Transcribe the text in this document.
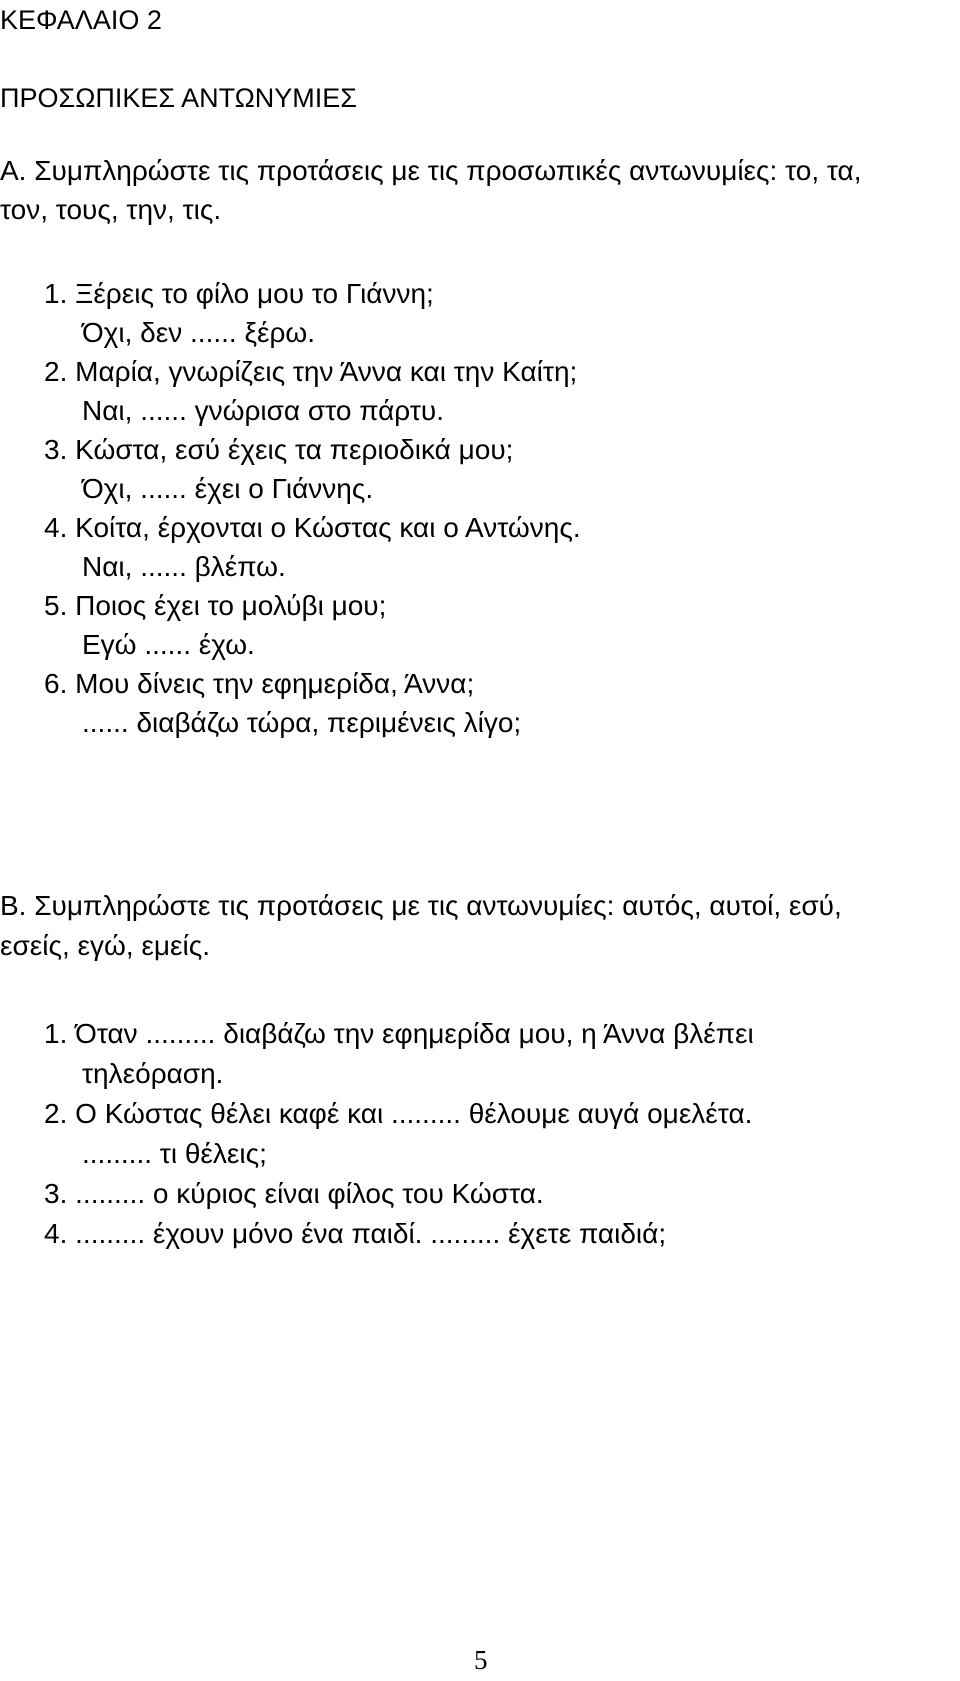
ΚΕΦΑΛΑΙΟ 2
ΠΡΟΣΩΠΙΚΕΣ ΑΝΤΩΝΥΜΙΕΣ
Α. Συμπληρώστε τις προτάσεις με τις προσωπικές αντωνυμίες: το, τα,
τον, τους, την, τις.
1. Ξέρεις το φίλο μου το Γιάννη;
Όχι, δεν ...... ξέρω.
2. Μαρία, γνωρίζεις την Άννα και την Καίτη;
Ναι, ...... γνώρισα στο πάρτυ.
3. Κώστα, εσύ έχεις τα περιοδικά μου;
Όχι, ...... έχει ο Γιάννης.
4. Κοίτα, έρχονται ο Κώστας και ο Αντώνης.
Ναι, ...... βλέπω.
5. Ποιος έχει το μολύβι μου;
Εγώ ...... έχω.
6. Μου δίνεις την εφημερίδα, Άννα;
...... διαβάζω τώρα, περιμένεις λίγο;
Β. Συμπληρώστε τις προτάσεις με τις αντωνυμίες: αυτός, αυτοί, εσύ,
εσείς, εγώ, εμείς.
1. Όταν ......... διαβάζω την εφημερίδα μου, η Άννα βλέπει
τηλεόραση.
2. Ο Κώστας θέλει καφέ και ......... θέλουμε αυγά ομελέτα.
......... τι θέλεις;
3. ......... ο κύριος είναι φίλος του Κώστα.
4. ......... έχουν μόνο ένα παιδί. ......... έχετε παιδιά;
5
